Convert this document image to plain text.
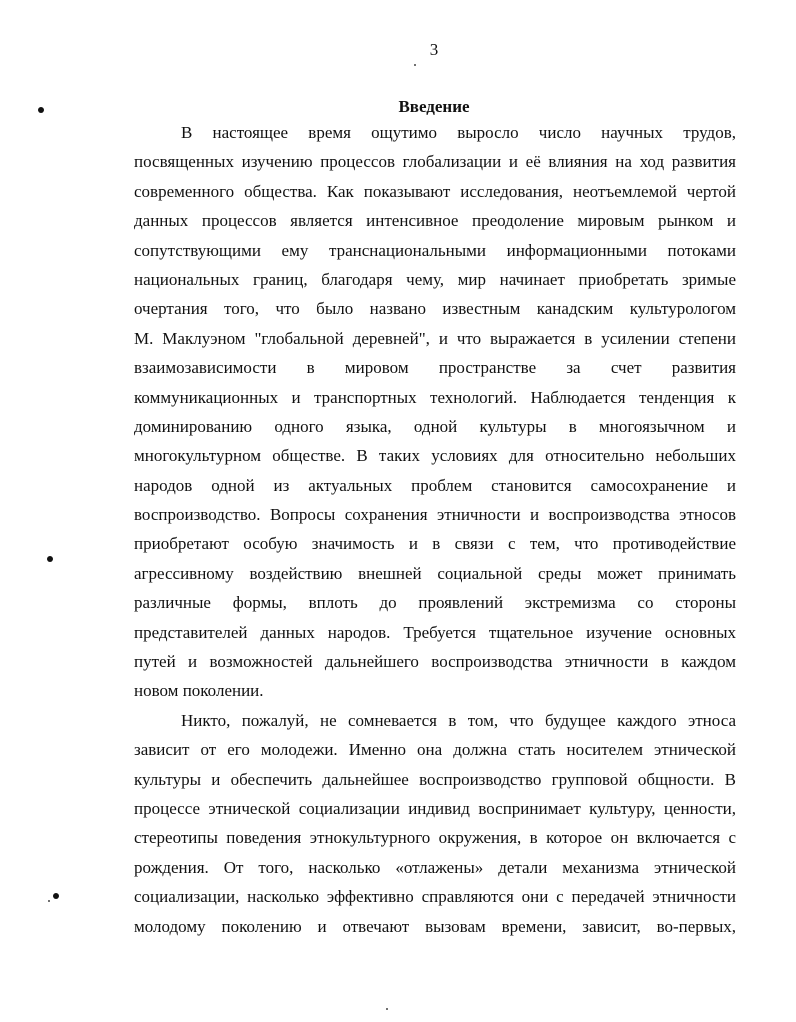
3
Введение
В настоящее время ощутимо выросло число научных трудов,
посвященных изучению процессов глобализации и её влияния на ход развития
современного общества. Как показывают исследования, неотъемлемой чертой
данных процессов является интенсивное преодоление мировым рынком и
сопутствующими ему транснациональными информационными потоками
национальных границ, благодаря чему, мир начинает приобретать зримые
очертания того, что было названо известным канадским культурологом
М. Маклуэном "глобальной деревней", и что выражается в усилении степени
взаимозависимости в мировом пространстве за счет развития
коммуникационных и транспортных технологий. Наблюдается тенденция к
доминированию одного языка, одной культуры в многоязычном и
многокультурном обществе. В таких условиях для относительно небольших
народов одной из актуальных проблем становится самосохранение и
воспроизводство. Вопросы сохранения этничности и воспроизводства этносов
приобретают особую значимость и в связи с тем, что противодействие
агрессивному воздействию внешней социальной среды может принимать
различные формы, вплоть до проявлений экстремизма со стороны
представителей данных народов. Требуется тщательное изучение основных
путей и возможностей дальнейшего воспроизводства этничности в каждом
новом поколении.
Никто, пожалуй, не сомневается в том, что будущее каждого этноса
зависит от его молодежи. Именно она должна стать носителем этнической
культуры и обеспечить дальнейшее воспроизводство групповой общности. В
процессе этнической социализации индивид воспринимает культуру, ценности,
стереотипы поведения этнокультурного окружения, в которое он включается с
рождения. От того, насколько «отлажены» детали механизма этнической
социализации, насколько эффективно справляются они с передачей этничности
молодому поколению и отвечают вызовам времени, зависит, во-первых,
